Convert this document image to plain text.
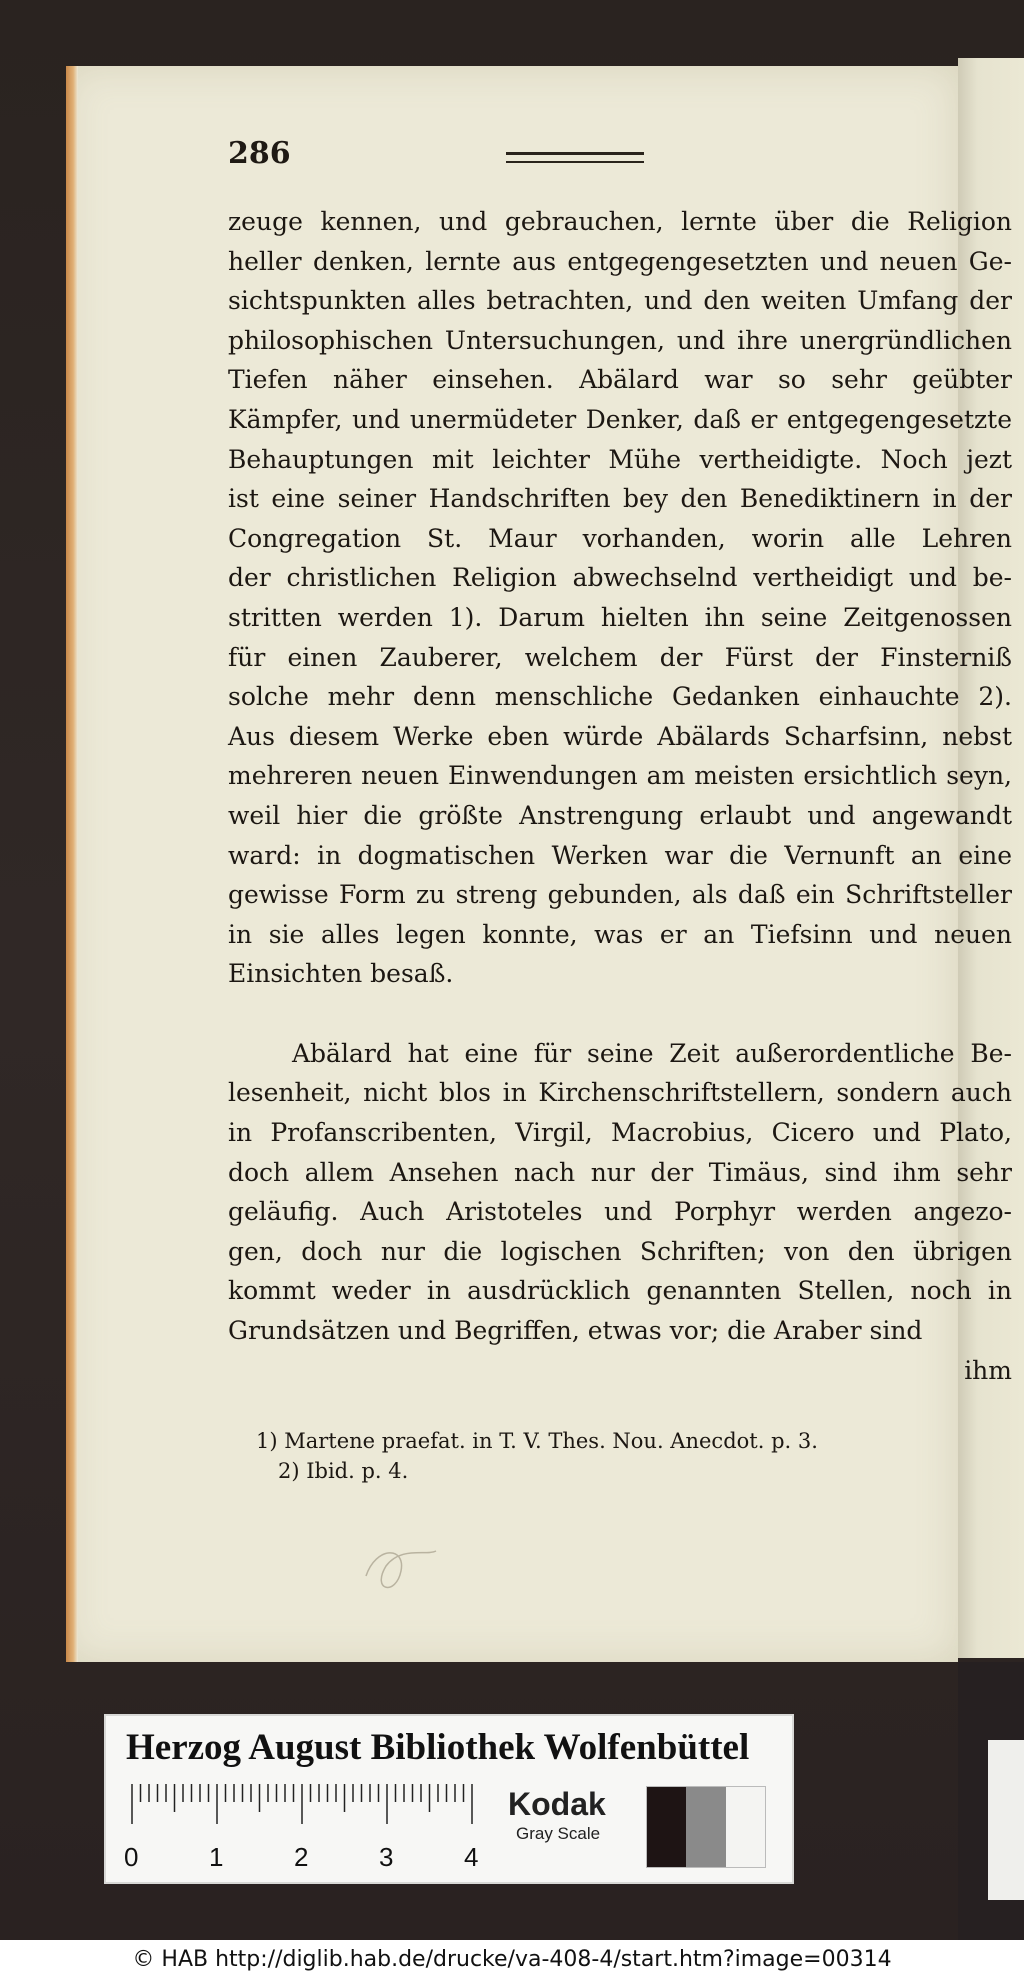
286
zeuge kennen, und gebrauchen, lernte über die Religion
heller denken, lernte aus entgegengesetzten und neuen Ge-
sichtspunkten alles betrachten, und den weiten Umfang der
philosophischen Untersuchungen, und ihre unergründlichen
Tiefen näher einsehen. Abälard war so sehr geübter
Kämpfer, und unermüdeter Denker, daß er entgegengesetzte
Behauptungen mit leichter Mühe vertheidigte. Noch jezt
ist eine seiner Handschriften bey den Benediktinern in der
Congregation St. Maur vorhanden, worin alle Lehren
der christlichen Religion abwechselnd vertheidigt und be-
stritten werden 1). Darum hielten ihn seine Zeitgenossen
für einen Zauberer, welchem der Fürst der Finsterniß
solche mehr denn menschliche Gedanken einhauchte 2).
Aus diesem Werke eben würde Abälards Scharfsinn, nebst
mehreren neuen Einwendungen am meisten ersichtlich seyn,
weil hier die größte Anstrengung erlaubt und angewandt
ward: in dogmatischen Werken war die Vernunft an eine
gewisse Form zu streng gebunden, als daß ein Schriftsteller
in sie alles legen konnte, was er an Tiefsinn und neuen
Einsichten besaß.
Abälard hat eine für seine Zeit außerordentliche Be-
lesenheit, nicht blos in Kirchenschriftstellern, sondern auch
in Profanscribenten, Virgil, Macrobius, Cicero und Plato,
doch allem Ansehen nach nur der Timäus, sind ihm sehr
geläufig. Auch Aristoteles und Porphyr werden angezo-
gen, doch nur die logischen Schriften; von den übrigen
kommt weder in ausdrücklich genannten Stellen, noch in
Grundsätzen und Begriffen, etwas vor; die Araber sind
ihm
1) Martene praefat. in T. V. Thes. Nou. Anecdot. p. 3.
2) Ibid. p. 4.
Herzog August Bibliothek Wolfenbüttel
0	1	2	3	4
Kodak
Gray Scale
© HAB http://diglib.hab.de/drucke/va-408-4/start.htm?image=00314
